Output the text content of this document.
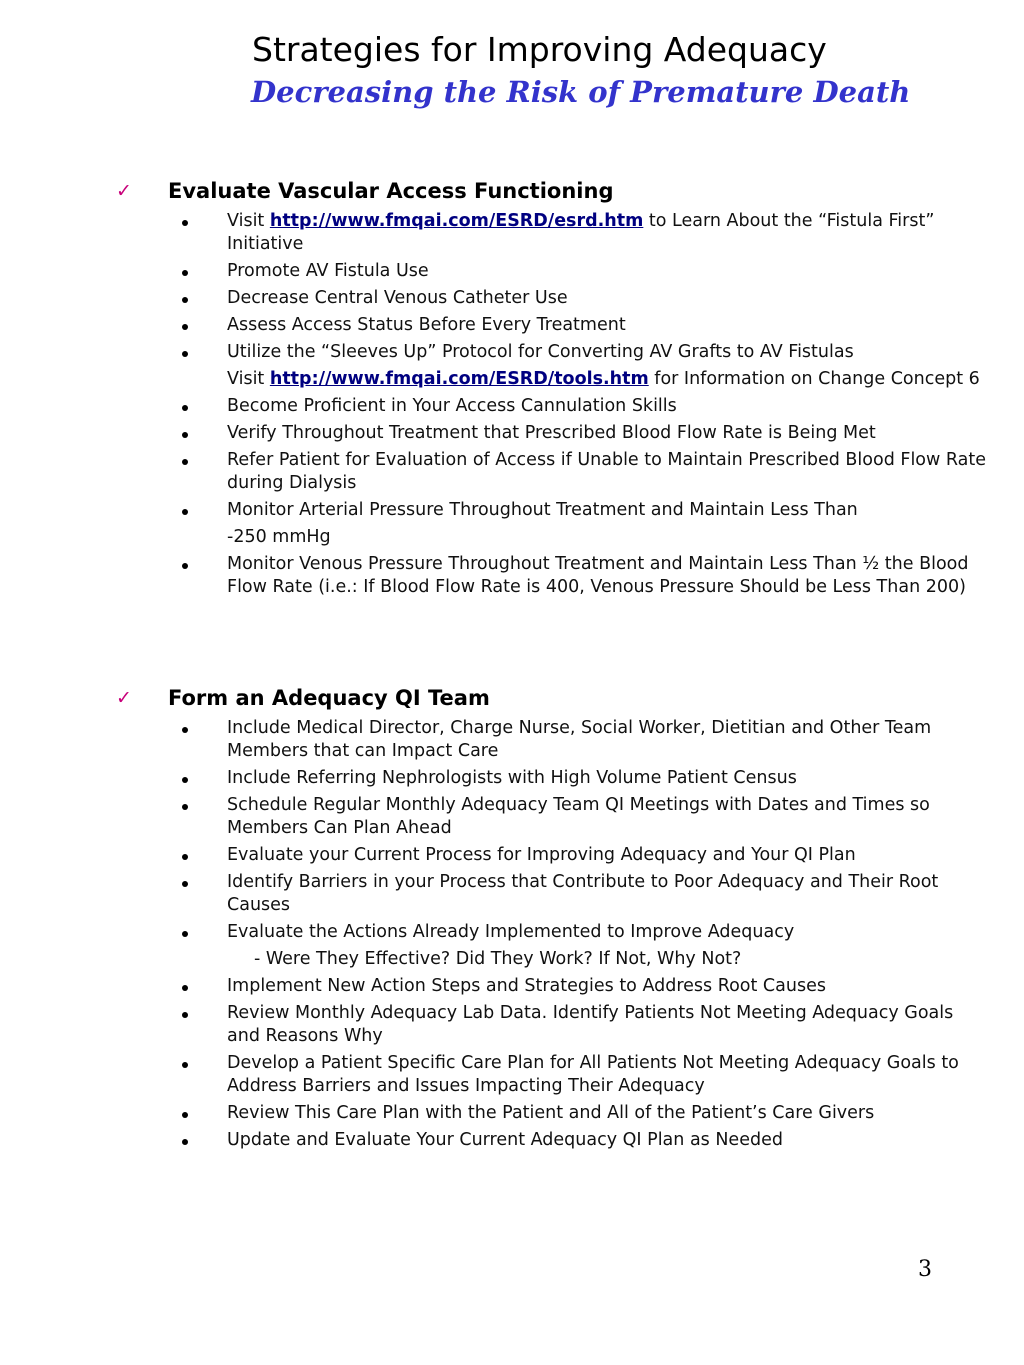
Strategies for Improving Adequacy
Decreasing the Risk of Premature Death
✓ Evaluate Vascular Access Functioning
Visit http://www.fmqai.com/ESRD/esrd.htm to Learn About the “Fistula First” Initiative
Promote AV Fistula Use
Decrease Central Venous Catheter Use
Assess Access Status Before Every Treatment
Utilize the “Sleeves Up” Protocol for Converting AV Grafts to AV Fistulas
Visit http://www.fmqai.com/ESRD/tools.htm for Information on Change Concept 6
Become Proficient in Your Access Cannulation Skills
Verify Throughout Treatment that Prescribed Blood Flow Rate is Being Met
Refer Patient for Evaluation of Access if Unable to Maintain Prescribed Blood Flow Rate during Dialysis
Monitor Arterial Pressure Throughout Treatment and Maintain Less Than
-250 mmHg
Monitor Venous Pressure Throughout Treatment and Maintain Less Than ½ the Blood Flow Rate (i.e.: If Blood Flow Rate is 400, Venous Pressure Should be Less Than 200)
✓ Form an Adequacy QI Team
Include Medical Director, Charge Nurse, Social Worker, Dietitian and Other Team Members that can Impact Care
Include Referring Nephrologists with High Volume Patient Census
Schedule Regular Monthly Adequacy Team QI Meetings with Dates and Times so Members Can Plan Ahead
Evaluate your Current Process for Improving Adequacy and Your QI Plan
Identify Barriers in your Process that Contribute to Poor Adequacy and Their Root Causes
Evaluate the Actions Already Implemented to Improve Adequacy
- Were They Effective? Did They Work? If Not, Why Not?
Implement New Action Steps and Strategies to Address Root Causes
Review Monthly Adequacy Lab Data. Identify Patients Not Meeting Adequacy Goals and Reasons Why
Develop a Patient Specific Care Plan for All Patients Not Meeting Adequacy Goals to Address Barriers and Issues Impacting Their Adequacy
Review This Care Plan with the Patient and All of the Patient’s Care Givers
Update and Evaluate Your Current Adequacy QI Plan as Needed
3
